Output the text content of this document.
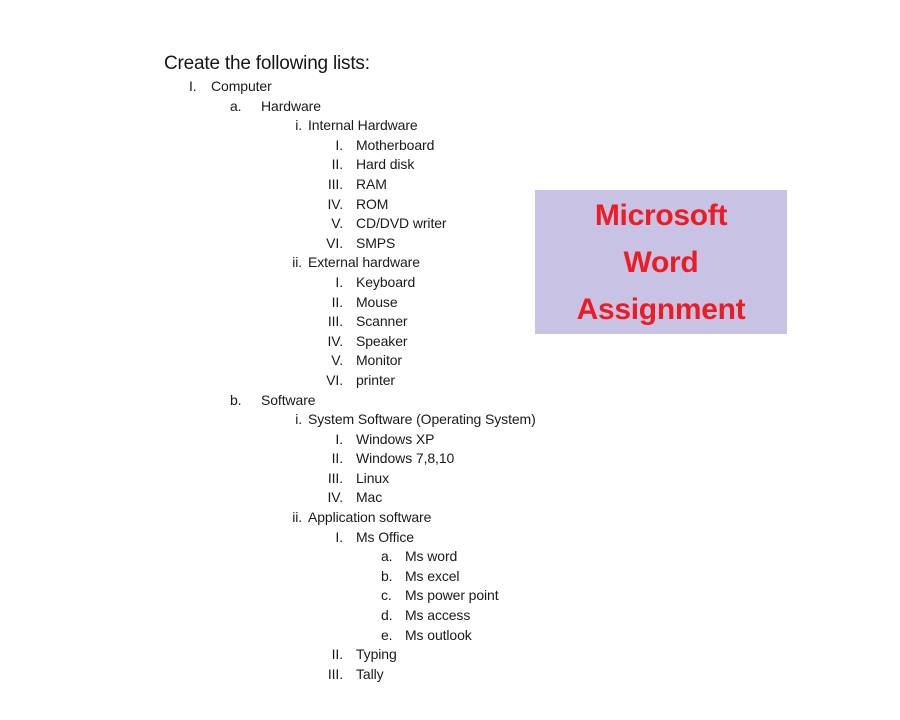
Create the following lists:
I.	Computer
a.	Hardware
i. Internal Hardware
I. Motherboard
II. Hard disk
III. RAM
IV. ROM
V. CD/DVD writer
VI. SMPS
ii. External hardware
I. Keyboard
II. Mouse
III. Scanner
IV. Speaker
V. Monitor
VI. printer
b.	Software
i. System Software (Operating System)
I. Windows XP
II. Windows 7,8,10
III. Linux
IV. Mac
ii. Application software
I. Ms Office
a. Ms word
b. Ms excel
c. Ms power point
d. Ms access
e. Ms outlook
II. Typing
III. Tally
Microsoft
Word
Assignment
